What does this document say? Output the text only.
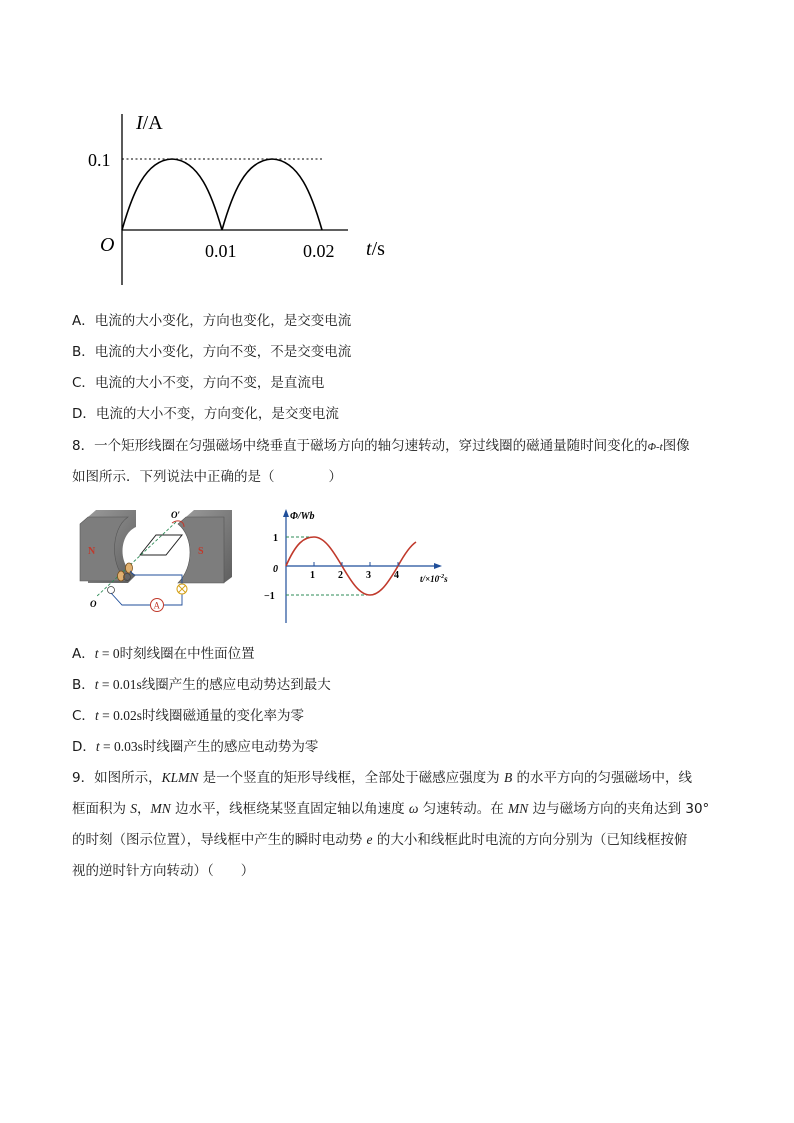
I/A
0.1
O	0.01	0.02 t/s
A．电流的大小变化，方向也变化，是交变电流
B．电流的大小变化，方向不变，不是交变电流
C．电流的大小不变，方向不变，是直流电
D．电流的大小不变，方向变化，是交变电流
8．一个矩形线圈在匀强磁场中绕垂直于磁场方向的轴匀速转动，穿过线圈的磁通量随时间变化的Φ-t图像
如图所示．下列说法中正确的是（　　　　）
N	S
O′
O	A
Φ/Wb
1
0
−1
1 2 3 4 $t/\times 10^{-2}s$
A．t = 0时刻线圈在中性面位置
B．t = 0.01s线圈产生的感应电动势达到最大
C．t = 0.02s时线圈磁通量的变化率为零
D．t = 0.03s时线圈产生的感应电动势为零
9．如图所示，KLMN 是一个竖直的矩形导线框，全部处于磁感应强度为 B 的水平方向的匀强磁场中，线
框面积为 S，MN 边水平，线框绕某竖直固定轴以角速度 ω 匀速转动。在 MN 边与磁场方向的夹角达到 30°
的时刻（图示位置），导线框中产生的瞬时电动势 e 的大小和线框此时电流的方向分别为（已知线框按俯
视的逆时针方向转动）（　　）
